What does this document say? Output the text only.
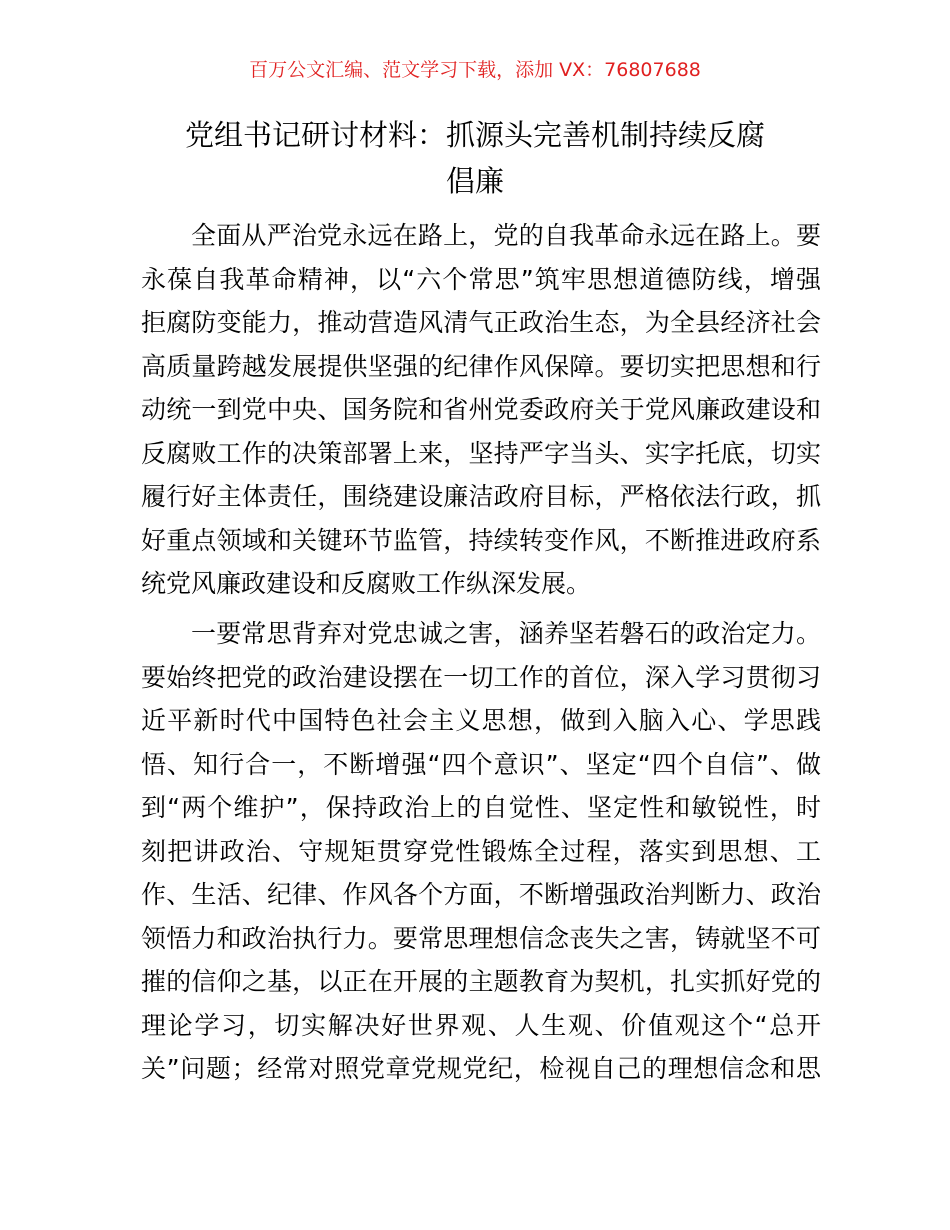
百万公文汇编、范文学习下载，添加 VX：76807688
党组书记研讨材料：抓源头完善机制持续反腐
倡廉
全面从严治党永远在路上，党的自我革命永远在路上。要
永葆自我革命精神，以“六个常思”筑牢思想道德防线，增强
拒腐防变能力，推动营造风清气正政治生态，为全县经济社会
高质量跨越发展提供坚强的纪律作风保障。要切实把思想和行
动统一到党中央、国务院和省州党委政府关于党风廉政建设和
反腐败工作的决策部署上来，坚持严字当头、实字托底，切实
履行好主体责任，围绕建设廉洁政府目标，严格依法行政，抓
好重点领域和关键环节监管，持续转变作风，不断推进政府系
统党风廉政建设和反腐败工作纵深发展。
一要常思背弃对党忠诚之害，涵养坚若磐石的政治定力。
要始终把党的政治建设摆在一切工作的首位，深入学习贯彻习
近平新时代中国特色社会主义思想，做到入脑入心、学思践
悟、知行合一，不断增强“四个意识”、坚定“四个自信”、做
到“两个维护”，保持政治上的自觉性、坚定性和敏锐性，时
刻把讲政治、守规矩贯穿党性锻炼全过程，落实到思想、工
作、生活、纪律、作风各个方面，不断增强政治判断力、政治
领悟力和政治执行力。要常思理想信念丧失之害，铸就坚不可
摧的信仰之基，以正在开展的主题教育为契机，扎实抓好党的
理论学习，切实解决好世界观、人生观、价值观这个“总开
关”问题；经常对照党章党规党纪，检视自己的理想信念和思
